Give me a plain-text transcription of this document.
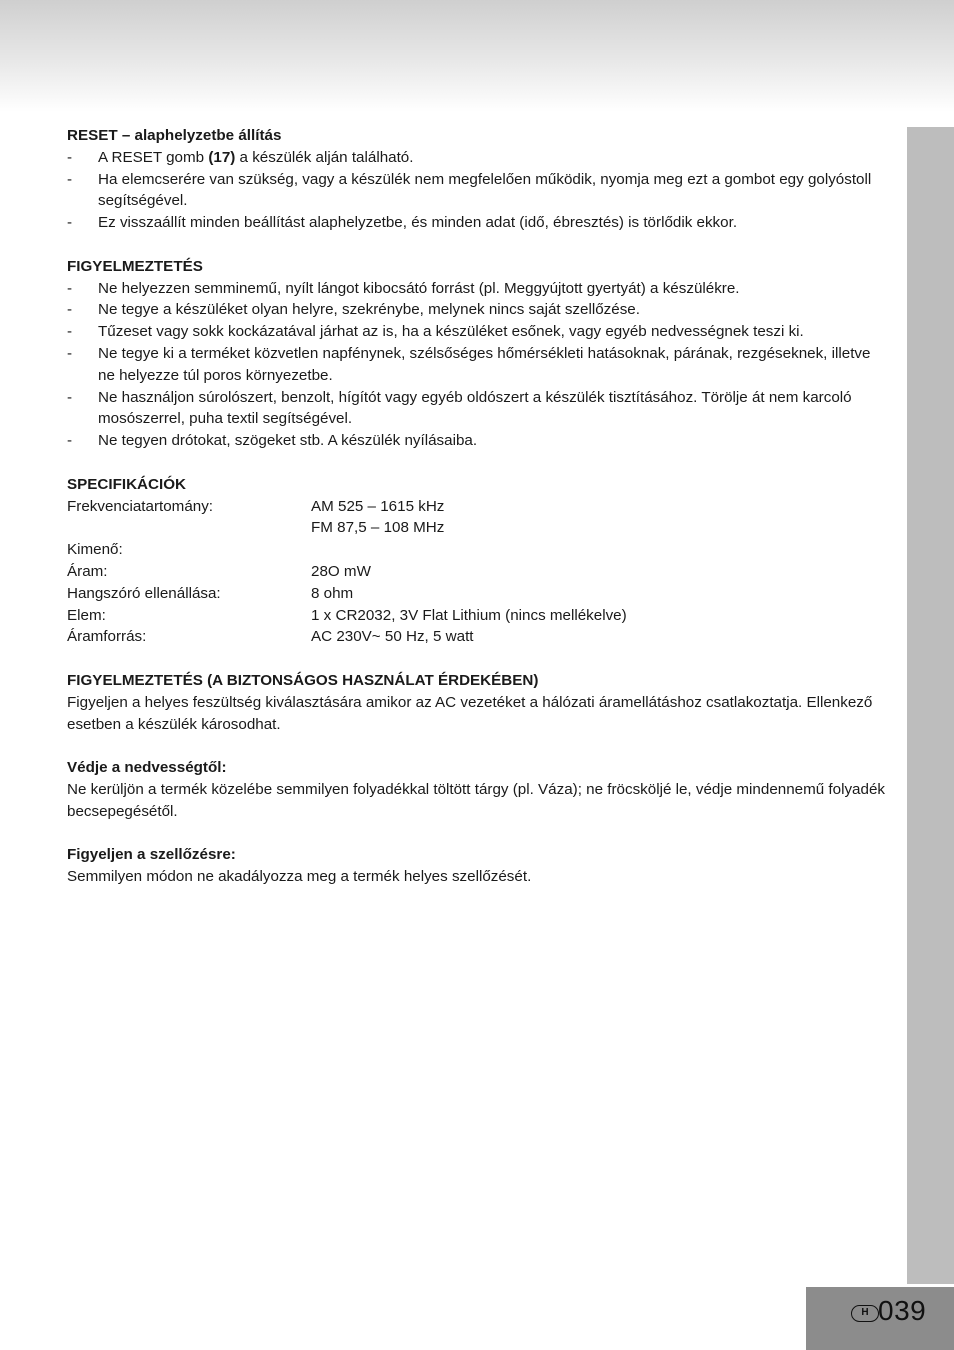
RESET – alaphelyzetbe állítás
- A RESET gomb (17) a készülék alján található.
- Ha elemcserére van szükség, vagy a készülék nem megfelelően működik, nyomja meg ezt a gombot egy golyóstoll segítségével.
- Ez visszaállít minden beállítást alaphelyzetbe, és minden adat (idő, ébresztés) is törlődik ekkor.
FIGYELMEZTETÉS
- Ne helyezzen semminemű, nyílt lángot kibocsátó forrást (pl. Meggyújtott gyertyát) a készülékre.
- Ne tegye a készüléket olyan helyre, szekrénybe, melynek nincs saját szellőzése.
- Tűzeset vagy sokk kockázatával járhat az is, ha a készüléket esőnek, vagy egyéb nedvességnek teszi ki.
- Ne tegye ki a terméket közvetlen napfénynek, szélsőséges hőmérsékleti hatásoknak, párának, rezgéseknek, illetve ne helyezze túl poros környezetbe.
- Ne használjon súrolószert, benzolt, hígítót vagy egyéb oldószert a készülék tisztításához. Törölje át nem karcoló mosószerrel, puha textil segítségével.
- Ne tegyen drótokat, szögeket stb. A készülék nyílásaiba.
SPECIFIKÁCIÓK
Frekvenciatartomány:	AM 525 – 1615 kHz
FM 87,5 – 108 MHz
Kimenő:
Áram:	28O mW
Hangszóró ellenállása:	8 ohm
Elem:	1 x CR2032, 3V Flat Lithium (nincs mellékelve)
Áramforrás:	AC 230V~ 50 Hz, 5 watt
FIGYELMEZTETÉS (A BIZTONSÁGOS HASZNÁLAT ÉRDEKÉBEN)
Figyeljen a helyes feszültség kiválasztására amikor az AC vezetéket a hálózati áramellátáshoz csatlakoztatja. Ellenkező esetben a készülék károsodhat.
Védje a nedvességtől:
Ne kerüljön a termék közelébe semmilyen folyadékkal töltött tárgy (pl. Váza); ne fröcsköljé le, védje mindennemű folyadék becsepegésétől.
Figyeljen a szellőzésre:
Semmilyen módon ne akadályozza meg a termék helyes szellőzését.
H 039
